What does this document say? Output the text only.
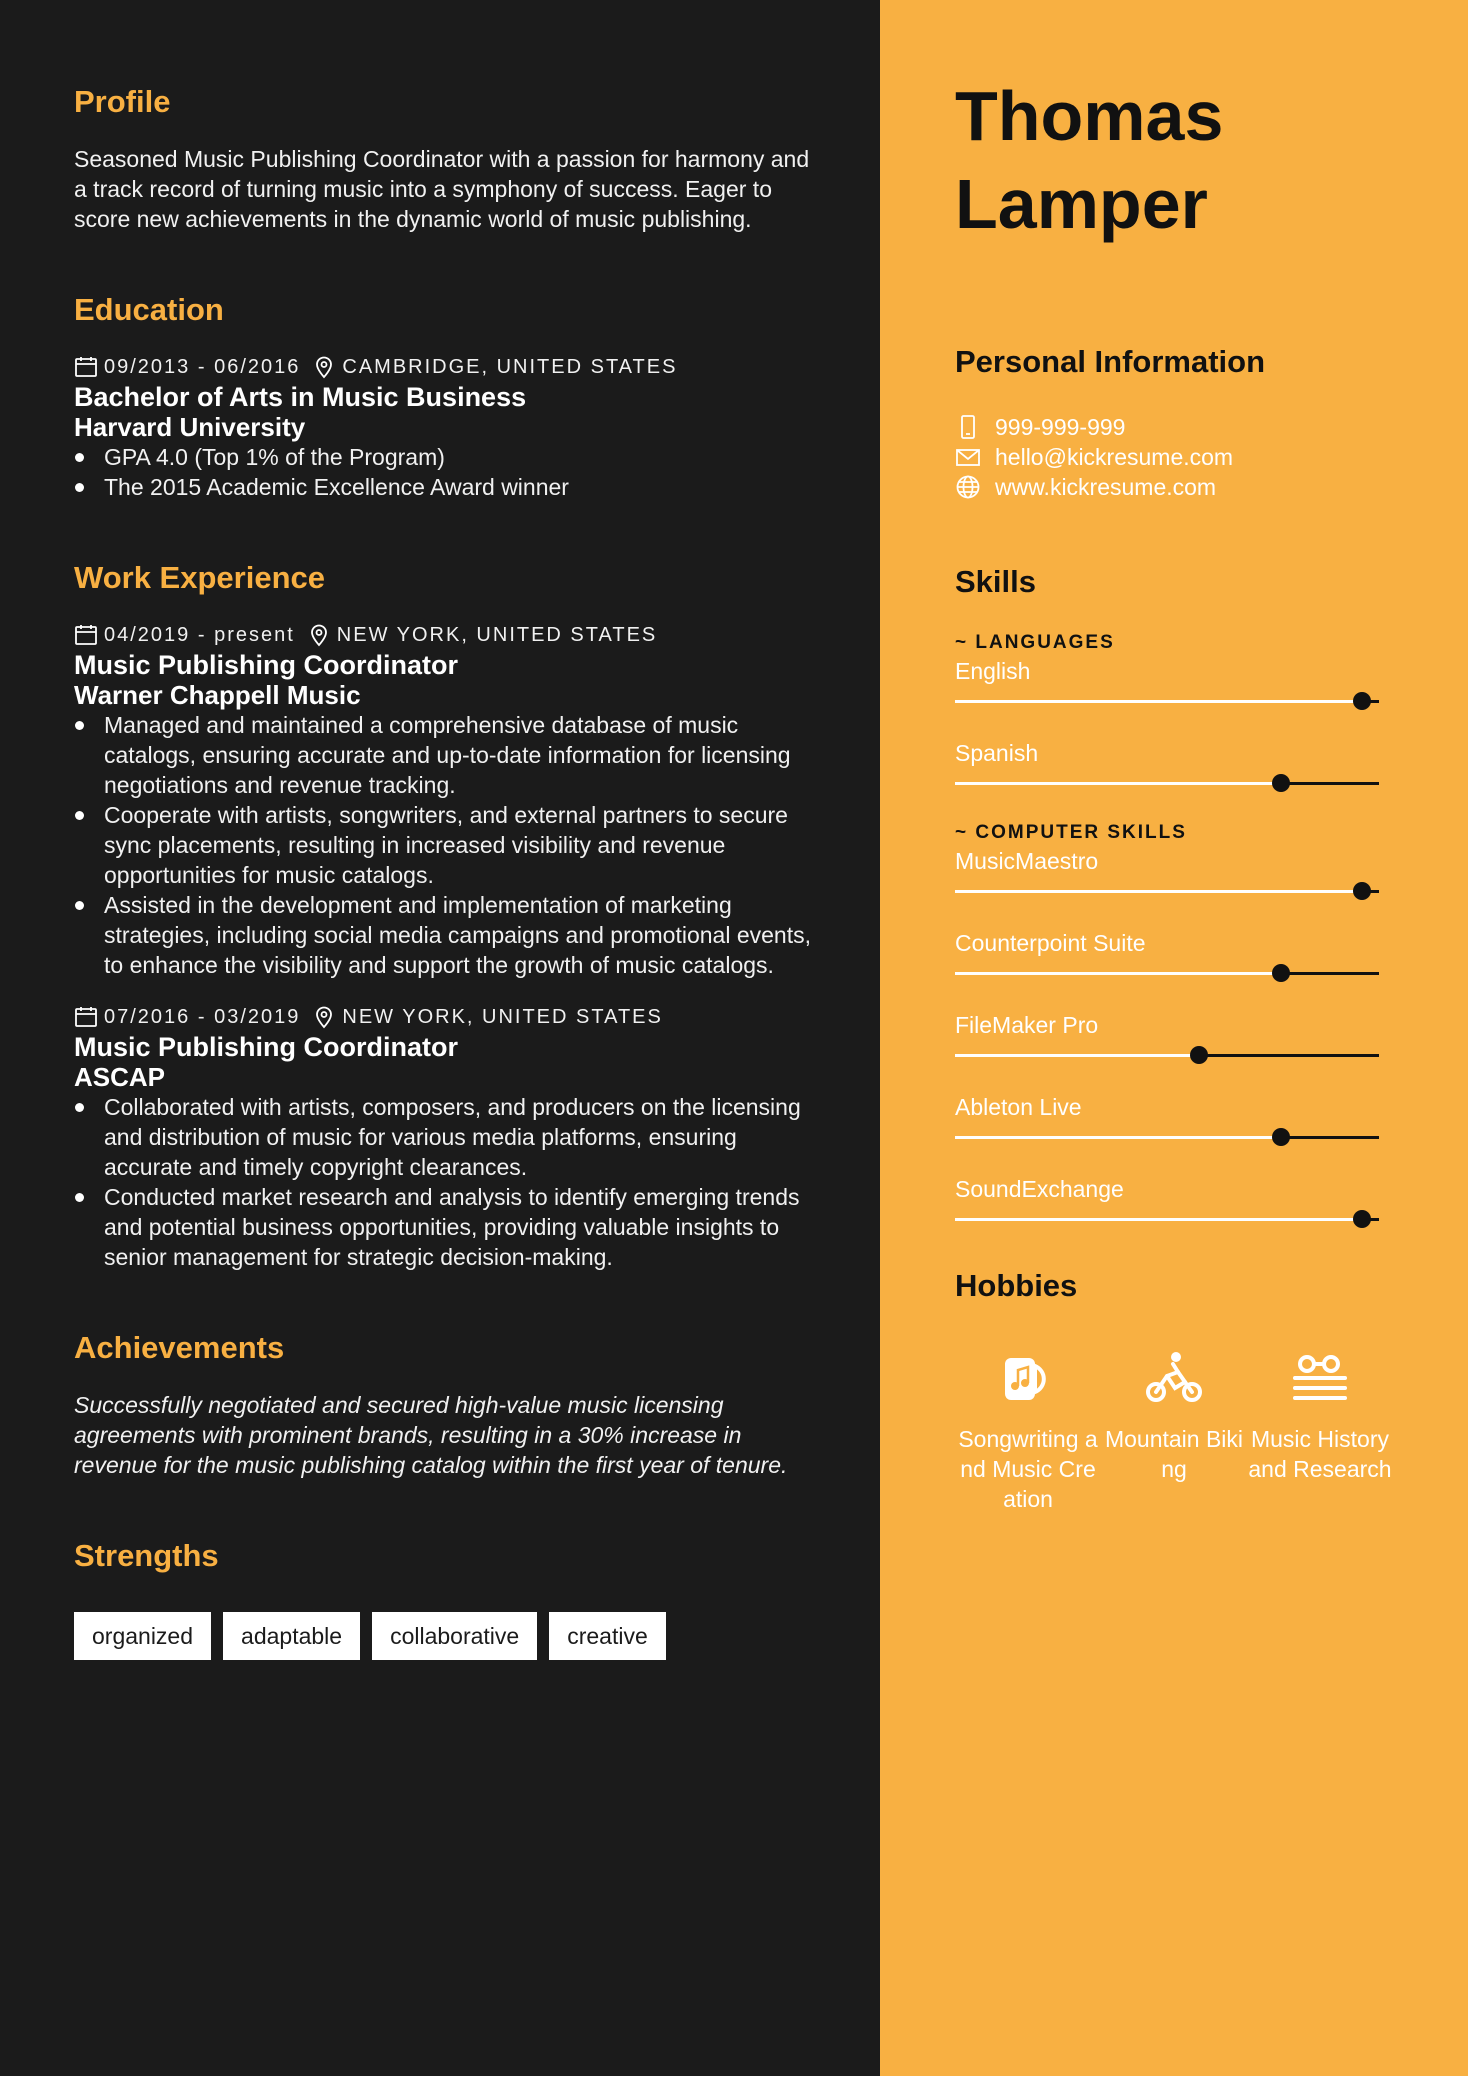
Profile
Seasoned Music Publishing Coordinator with a passion for harmony and a track record of turning music into a symphony of success. Eager to score new achievements in the dynamic world of music publishing.
Education
09/2013 - 06/2016 CAMBRIDGE, UNITED STATES
Bachelor of Arts in Music Business
Harvard University
GPA 4.0 (Top 1% of the Program)
The 2015 Academic Excellence Award winner
Work Experience
04/2019 - present NEW YORK, UNITED STATES
Music Publishing Coordinator
Warner Chappell Music
Managed and maintained a comprehensive database of music catalogs, ensuring accurate and up-to-date information for licensing negotiations and revenue tracking.
Cooperate with artists, songwriters, and external partners to secure sync placements, resulting in increased visibility and revenue opportunities for music catalogs.
Assisted in the development and implementation of marketing strategies, including social media campaigns and promotional events, to enhance the visibility and support the growth of music catalogs.
07/2016 - 03/2019 NEW YORK, UNITED STATES
Music Publishing Coordinator
ASCAP
Collaborated with artists, composers, and producers on the licensing and distribution of music for various media platforms, ensuring accurate and timely copyright clearances.
Conducted market research and analysis to identify emerging trends and potential business opportunities, providing valuable insights to senior management for strategic decision-making.
Achievements
Successfully negotiated and secured high-value music licensing agreements with prominent brands, resulting in a 30% increase in revenue for the music publishing catalog within the first year of tenure.
Strengths
organized	adaptable	collaborative	creative
Thomas
Lamper
Personal Information
999-999-999
hello@kickresume.com
www.kickresume.com
Skills
~ LANGUAGES
English
Spanish
~ COMPUTER SKILLS
MusicMaestro
Counterpoint Suite
FileMaker Pro
Ableton Live
SoundExchange
Hobbies
Songwriting and Music Creation
Mountain Biking
Music History and Research
